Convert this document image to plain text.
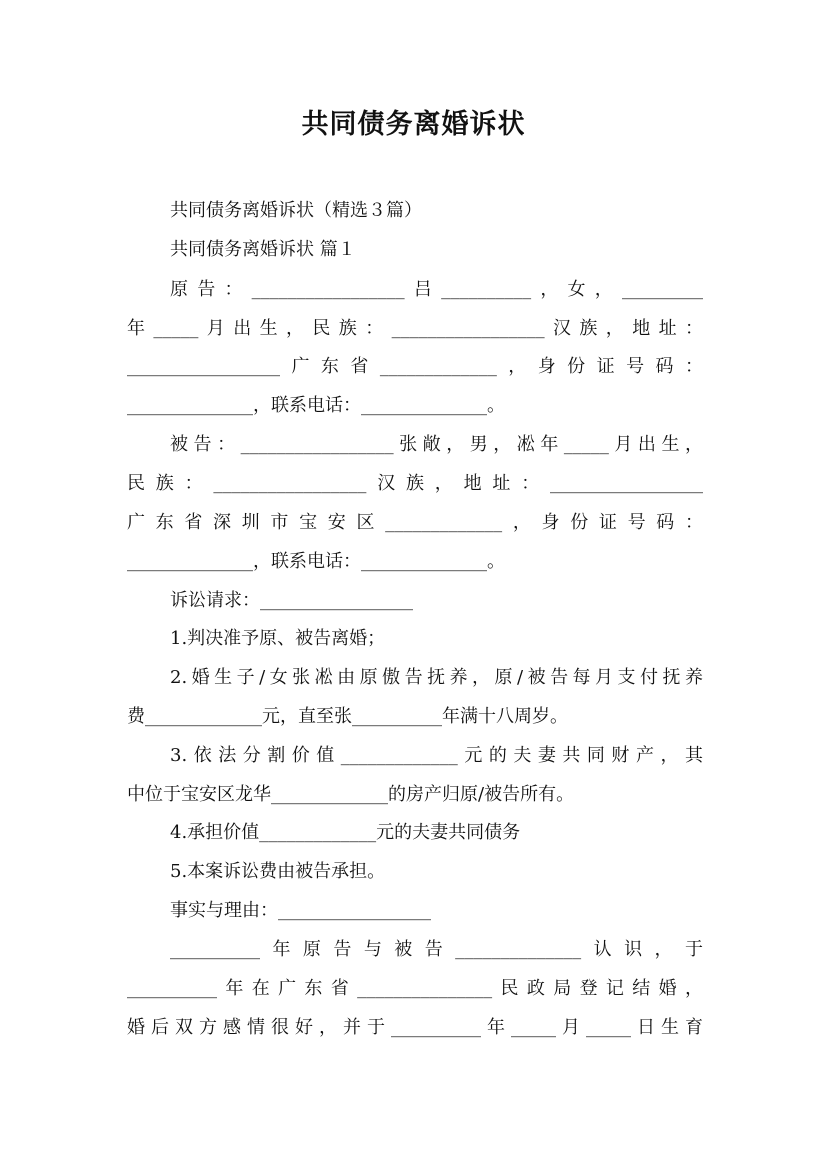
共同债务离婚诉状
共同债务离婚诉状（精选３篇）
共同债务离婚诉状 篇１
原告：_________________吕__________，女，_________
年_____月出生，民族：_________________汉族，地址：
_________________广东省_____________，身份证号码：
______________，联系电话：______________。
被告：_________________张敞，男，凇年_____月出生，
民族：_________________汉族，地址：_________________
广东省深圳市宝安区_____________，身份证号码：
______________，联系电话：______________。
诉讼请求：_________________
1.判决准予原、被告离婚；
2.婚生子/女张凇由原傲告抚养，原/被告每月支付抚养
费_____________元，直至张__________年满十八周岁。
3.依法分割价值_____________元的夫妻共同财产，其
中位于宝安区龙华_____________的房产归原/被告所有。
4.承担价值_____________元的夫妻共同债务
5.本案诉讼费由被告承担。
事实与理由：_________________
__________年原告与被告______________认识，于
__________年在广东省_______________民政局登记结婚，
婚后双方感情很好，并于__________年_____月_____日生育
